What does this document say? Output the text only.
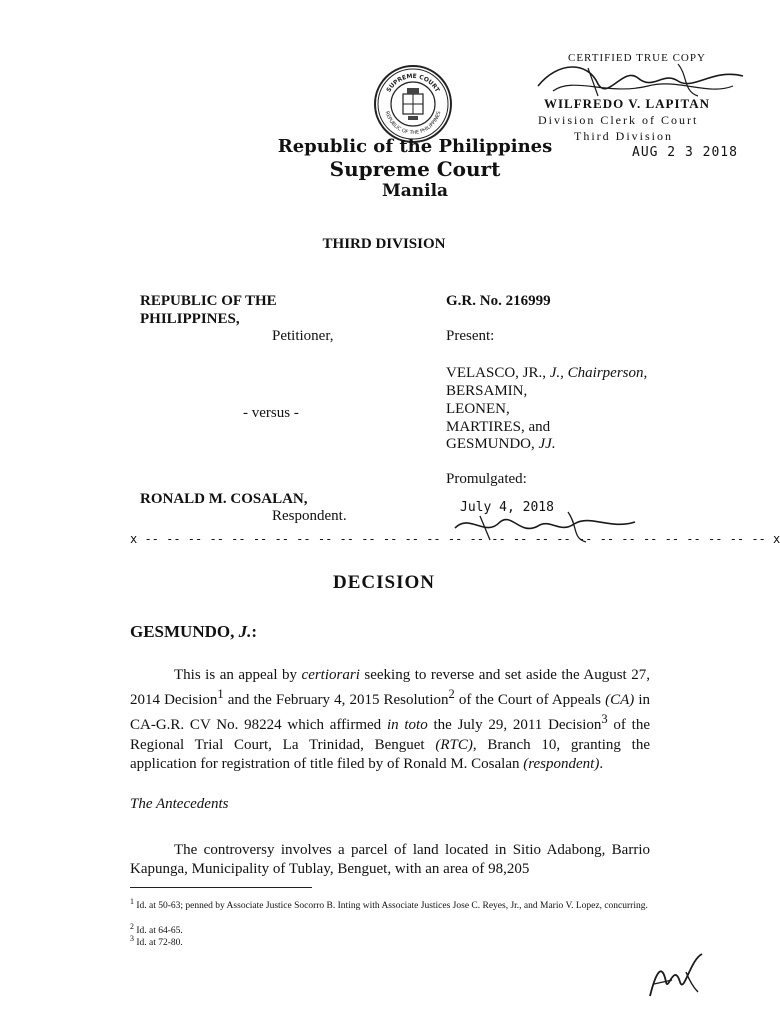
SUPREME COURT
REPUBLIC OF THE PHILIPPINES
Republic of the Philippines
Supreme Court
Manila
CERTIFIED TRUE COPY
WILFREDO V. LAPITAN
Division Clerk of Court
Third Division
AUG 2 3 2018
THIRD DIVISION
REPUBLIC OF THE
PHILIPPINES,
Petitioner,
- versus -
RONALD M. COSALAN,
Respondent.
G.R. No. 216999
Present:
VELASCO, JR., J., Chairperson,
BERSAMIN,
LEONEN,
MARTIRES, and
GESMUNDO, JJ.
Promulgated:
July 4, 2018
x -- -- -- -- -- -- -- -- -- -- -- -- -- -- -- -- -- -- -- -- -- -- -- -- -- -- -- -- -- x
DECISION
GESMUNDO, J.:
This is an appeal by certiorari seeking to reverse and set aside the August 27, 2014 Decision$^1$ and the February 4, 2015 Resolution$^2$ of the Court of Appeals (CA) in CA-G.R. CV No. 98224 which affirmed in toto the July 29, 2011 Decision$^3$ of the Regional Trial Court, La Trinidad, Benguet (RTC), Branch 10, granting the application for registration of title filed by of Ronald M. Cosalan (respondent).
The Antecedents
The controversy involves a parcel of land located in Sitio Adabong, Barrio Kapunga, Municipality of Tublay, Benguet, with an area of 98,205
$^1$ Id. at 50-63; penned by Associate Justice Socorro B. Inting with Associate Justices Jose C. Reyes, Jr., and Mario V. Lopez, concurring.
$^2$ Id. at 64-65.
$^3$ Id. at 72-80.
